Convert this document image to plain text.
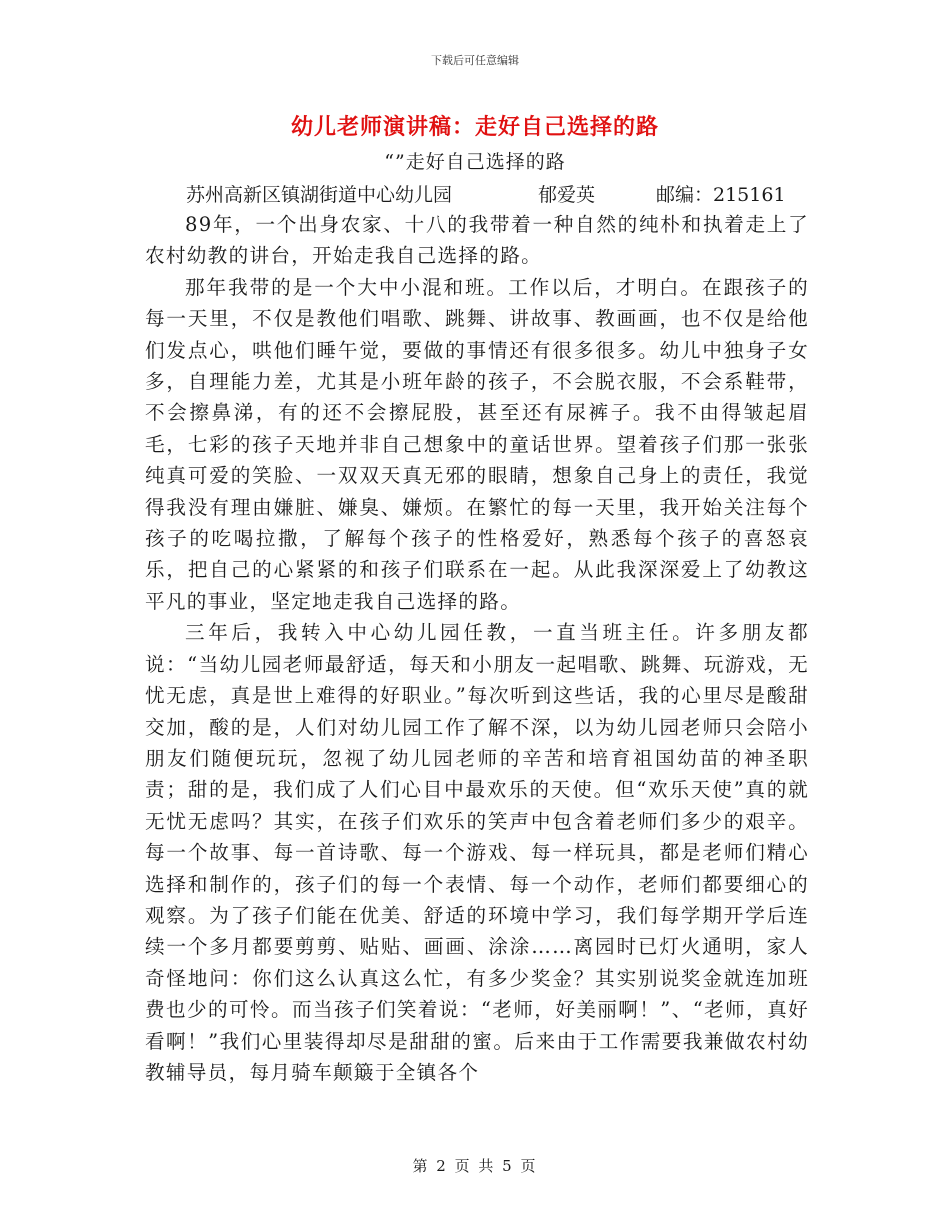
下载后可任意编辑
幼儿老师演讲稿：走好自己选择的路
“”走好自己选择的路
苏州高新区镇湖街道中心幼儿园	郁爱英	邮编：215161

89年，一个出身农家、十八的我带着一种自然的纯朴和执着走上了农村幼教的讲台，开始走我自己选择的路。

那年我带的是一个大中小混和班。工作以后，才明白。在跟孩子的每一天里，不仅是教他们唱歌、跳舞、讲故事、教画画，也不仅是给他们发点心，哄他们睡午觉，要做的事情还有很多很多。幼儿中独身子女多，自理能力差，尤其是小班年龄的孩子，不会脱衣服，不会系鞋带，不会擦鼻涕，有的还不会擦屁股，甚至还有尿裤子。我不由得皱起眉毛，七彩的孩子天地并非自己想象中的童话世界。望着孩子们那一张张纯真可爱的笑脸、一双双天真无邪的眼睛，想象自己身上的责任，我觉得我没有理由嫌脏、嫌臭、嫌烦。在繁忙的每一天里，我开始关注每个孩子的吃喝拉撒，了解每个孩子的性格爱好，熟悉每个孩子的喜怒哀乐，把自己的心紧紧的和孩子们联系在一起。从此我深深爱上了幼教这平凡的事业，坚定地走我自己选择的路。

三年后，我转入中心幼儿园任教，一直当班主任。许多朋友都说：“当幼儿园老师最舒适，每天和小朋友一起唱歌、跳舞、玩游戏，无忧无虑，真是世上难得的好职业。”每次听到这些话，我的心里尽是酸甜交加，酸的是，人们对幼儿园工作了解不深，以为幼儿园老师只会陪小朋友们随便玩玩，忽视了幼儿园老师的辛苦和培育祖国幼苗的神圣职责；甜的是，我们成了人们心目中最欢乐的天使。但“欢乐天使”真的就无忧无虑吗？其实，在孩子们欢乐的笑声中包含着老师们多少的艰辛。每一个故事、每一首诗歌、每一个游戏、每一样玩具，都是老师们精心选择和制作的，孩子们的每一个表情、每一个动作，老师们都要细心的观察。为了孩子们能在优美、舒适的环境中学习，我们每学期开学后连续一个多月都要剪剪、贴贴、画画、涂涂……离园时已灯火通明，家人奇怪地问：你们这么认真这么忙，有多少奖金？其实别说奖金就连加班费也少的可怜。而当孩子们笑着说：“老师，好美丽啊！”、“老师，真好看啊！”我们心里装得却尽是甜甜的蜜。后来由于工作需要我兼做农村幼教辅导员，每月骑车颠簸于全镇各个

第 2 页 共 5 页
